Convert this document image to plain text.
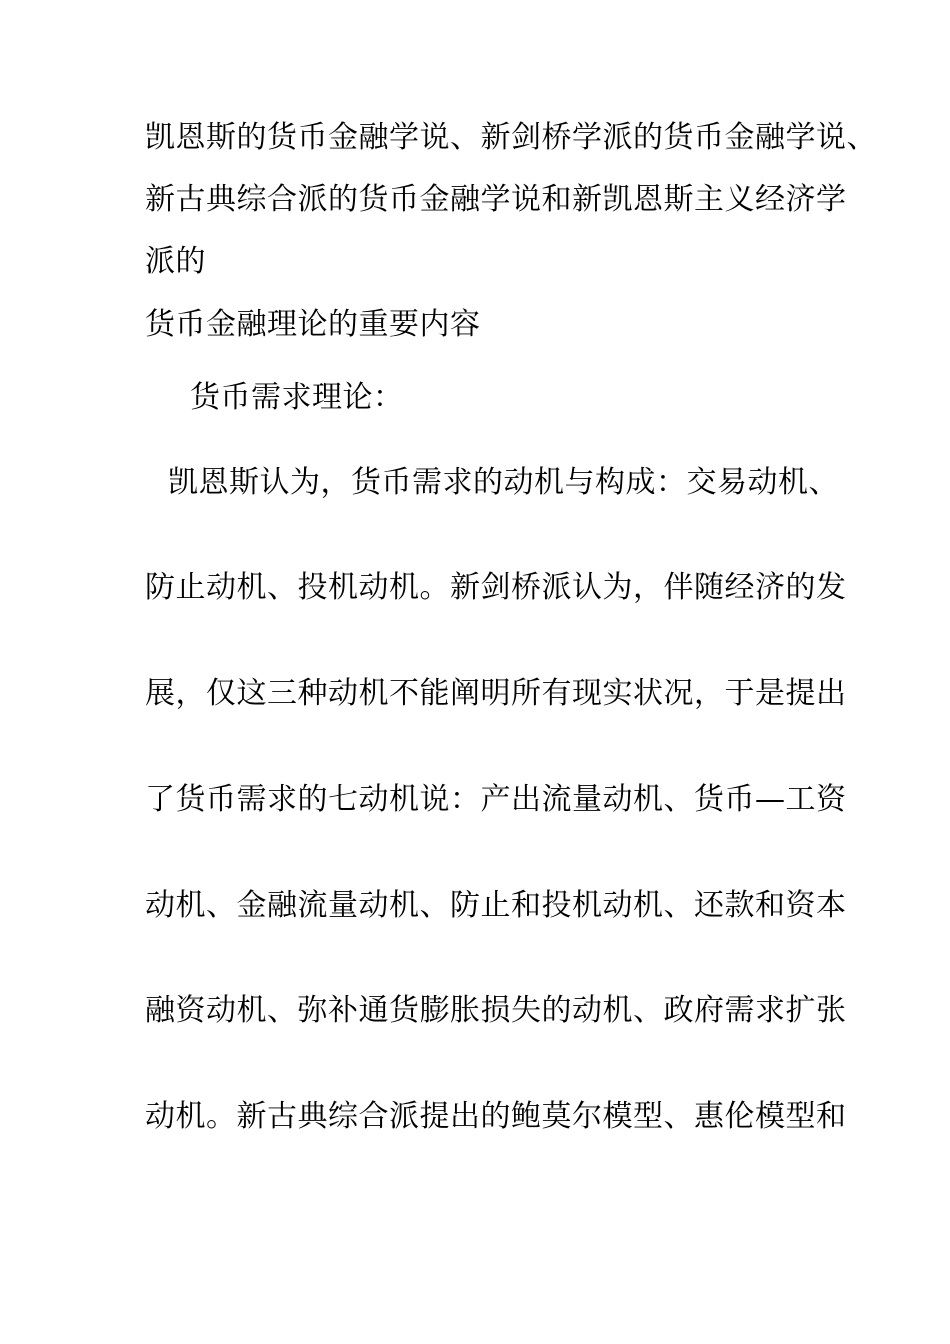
凯恩斯的货币金融学说、新剑桥学派的货币金融学说、
新古典综合派的货币金融学说和新凯恩斯主义经济学
派的
货币金融理论的重要内容
货币需求理论：
凯恩斯认为，货币需求的动机与构成：交易动机、
防止动机、投机动机。新剑桥派认为，伴随经济的发
展，仅这三种动机不能阐明所有现实状况，于是提出
了货币需求的七动机说：产出流量动机、货币—工资
动机、金融流量动机、防止和投机动机、还款和资本
融资动机、弥补通货膨胀损失的动机、政府需求扩张
动机。新古典综合派提出的鲍莫尔模型、惠伦模型和
